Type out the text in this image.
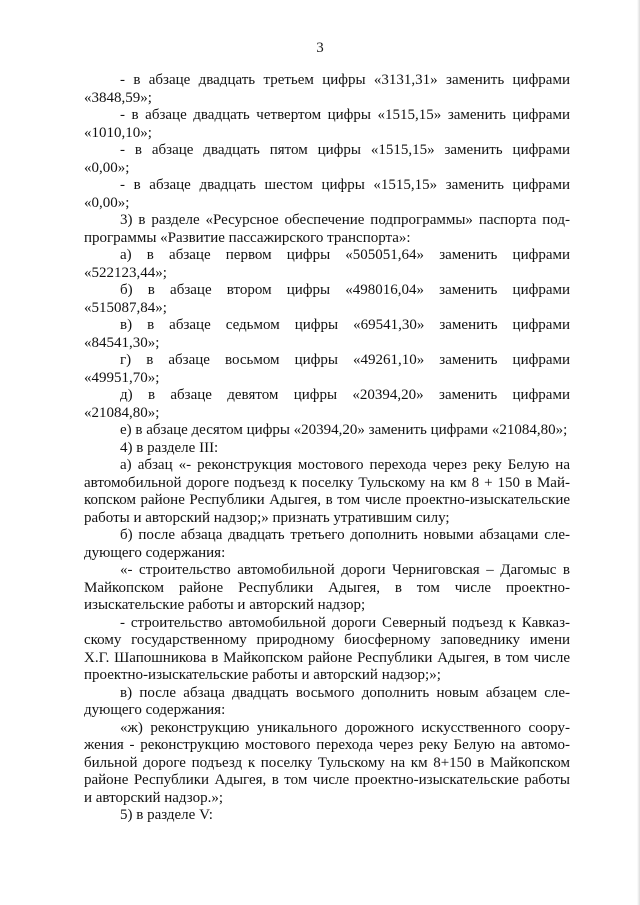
3

- в абзаце двадцать третьем цифры «3131,31» заменить цифрами

«3848,59»;

- в абзаце двадцать четвертом цифры «1515,15» заменить цифрами

«1010,10»;

- в абзаце двадцать пятом цифры «1515,15» заменить цифрами

«0,00»;

- в абзаце двадцать шестом цифры «1515,15» заменить цифрами

«0,00»;

3) в разделе «Ресурсное обеспечение подпрограммы» паспорта под-

программы «Развитие пассажирского транспорта»:

а) в абзаце первом цифры «505051,64» заменить цифрами

«522123,44»;

б) в абзаце втором цифры «498016,04» заменить цифрами

«515087,84»;

в) в абзаце седьмом цифры «69541,30» заменить цифрами

«84541,30»;

г) в абзаце восьмом цифры «49261,10» заменить цифрами

«49951,70»;

д) в абзаце девятом цифры «20394,20» заменить цифрами

«21084,80»;

е) в абзаце десятом цифры «20394,20» заменить цифрами «21084,80»;

4) в разделе III:

а) абзац «- реконструкция мостового перехода через реку Белую на

автомобильной дороге подъезд к поселку Тульскому на км 8 + 150 в Май-

копском районе Республики Адыгея, в том числе проектно-изыскательские

работы и авторский надзор;» признать утратившим силу;

б) после абзаца двадцать третьего дополнить новыми абзацами сле-

дующего содержания:

«- строительство автомобильной дороги Черниговская – Дагомыс в

Майкопском районе Республики Адыгея, в том числе проектно-

изыскательские работы и авторский надзор;

- строительство автомобильной дороги Северный подъезд к Кавказ-

скому государственному природному биосферному заповеднику имени

Х.Г. Шапошникова в Майкопском районе Республики Адыгея, в том числе

проектно-изыскательские работы и авторский надзор;»;

в) после абзаца двадцать восьмого дополнить новым абзацем сле-

дующего содержания:

«ж) реконструкцию уникального дорожного искусственного соору-

жения - реконструкцию мостового перехода через реку Белую на автомо-

бильной дороге подъезд к поселку Тульскому на км 8+150 в Майкопском

районе Республики Адыгея, в том числе проектно-изыскательские работы

и авторский надзор.»;

5) в разделе V:
